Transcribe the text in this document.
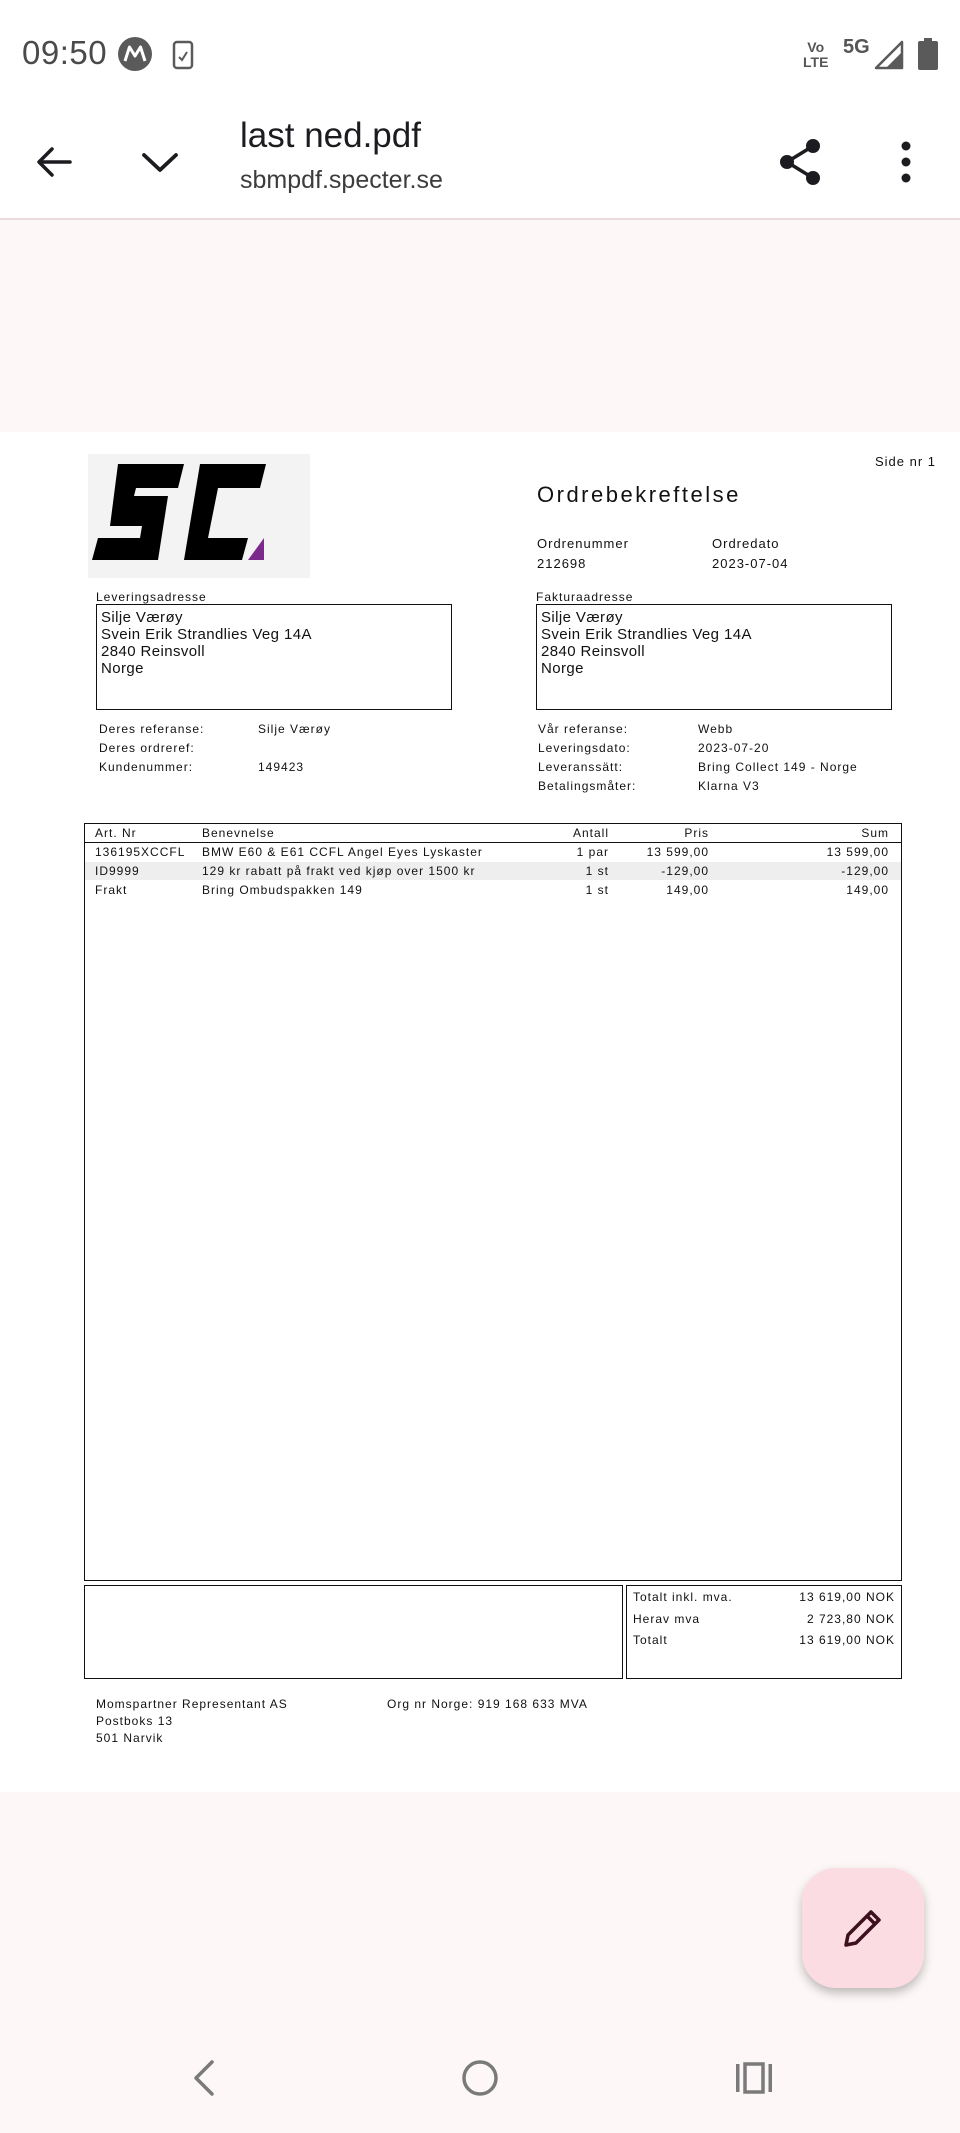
09:50	Vo
LTE
5G
last ned.pdf
sbmpdf.specter.se
Side nr 1
Ordrebekreftelse
Ordrenummer
212698
Ordredato
2023-07-04
Leveringsadresse
Silje Værøy
Svein Erik Strandlies Veg 14A
2840 Reinsvoll
Norge
Fakturaadresse
Silje Værøy
Svein Erik Strandlies Veg 14A
2840 Reinsvoll
Norge
Deres referanse:	Silje Værøy
Deres ordreref:
Kundenummer:	149423
Vår referanse:	Webb
Leveringsdato:	2023-07-20
Leveranssätt:	Bring Collect 149 - Norge
Betalingsmåter:	Klarna V3
Art. Nr	Benevnelse	Antall	Pris	Sum
136195XCCFL BMW E60 & E61 CCFL Angel Eyes Lyskaster	1 par	13 599,00	13 599,00
ID9999	129 kr rabatt på frakt ved kjøp over 1500 kr	1 st	-129,00	-129,00
Frakt	Bring Ombudspakken 149	1 st	149,00	149,00
Totalt inkl. mva.	13 619,00 NOK
Herav mva	2 723,80 NOK
Totalt	13 619,00 NOK
Momspartner Representant AS
Postboks 13
501 Narvik
Org nr Norge: 919 168 633 MVA
